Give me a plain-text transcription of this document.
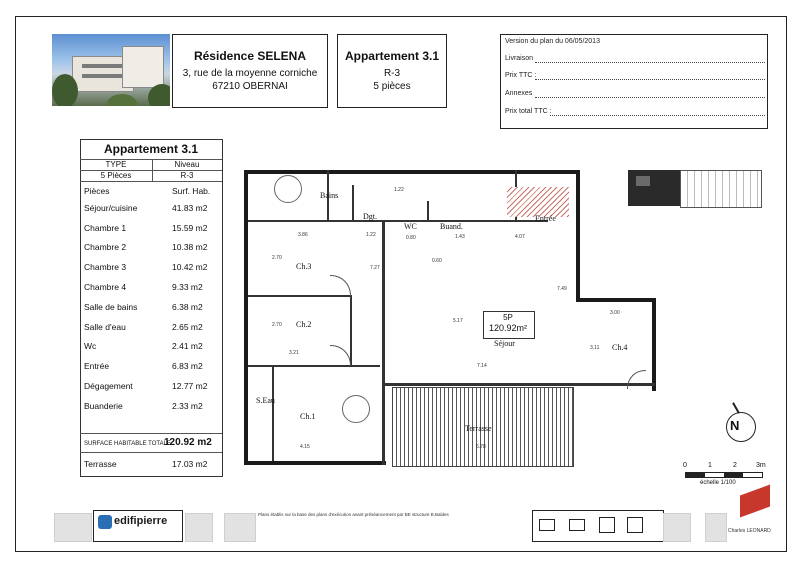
Résidence SELENA
3, rue de la moyenne corniche
67210 OBERNAI
Appartement 3.1
R-3
5 pièces
Version du plan du 06/05/2013
Livraison
Prix TTC :
Annexes
Prix total TTC :
Appartement 3.1
TYPE	Niveau
5 Pièces	R-3
Pièces	Surf. Hab.
Séjour/cuisine	41.83 m2
Chambre 1	15.59 m2
Chambre 2	10.38 m2
Chambre 3	10.42 m2
Chambre 4	9.33 m2
Salle de bains	6.38 m2
Salle d'eau	2.65 m2
Wc	2.41 m2
Entrée	6.83 m2
Dégagement	12.77 m2
Buanderie	2.33 m2
SURFACE HABITABLE TOTALE
120.92 m2
Terrasse	17.03 m2
Bains
Dgt.
WC	Buand.
Entrée
Ch.3
Ch.2
S.Eau
Ch.1
Séjour	Ch.4
Terrasse
5P
120.92m²
3.86	1.22	1.43	4.07
2.70
2.70
3.21
7.27
5.17
7.14
3.00
3.11
7.49
4.15	6.78
1.22
0.80
0.60
N
0	1	2	3m
échelle 1/100
edifipierre
Plans établis sur la base des plans d'exécution avant préséancement par BE structure B.Baldes
Charles LEONARD
